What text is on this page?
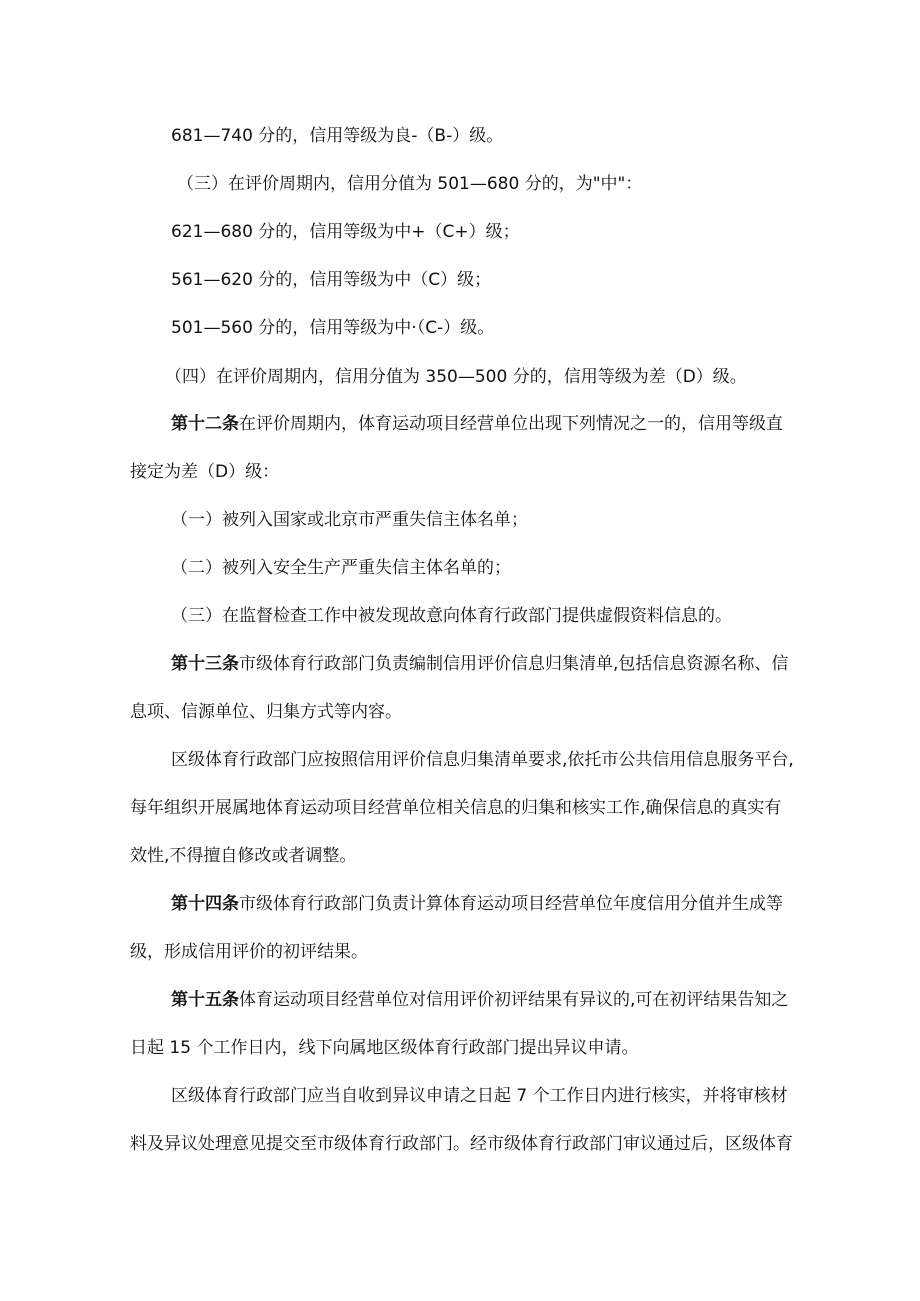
681—740 分的，信用等级为良-（B-）级。
（三）在评价周期内，信用分值为 501—680 分的，为"中"：
621—680 分的，信用等级为中+（C+）级；
561—620 分的，信用等级为中（C）级；
501—560 分的，信用等级为中·（C-）级。
（四）在评价周期内，信用分值为 350—500 分的，信用等级为差（D）级。
第十二条在评价周期内，体育运动项目经营单位出现下列情况之一的，信用等级直
接定为差（D）级：
（一）被列入国家或北京市严重失信主体名单；
（二）被列入安全生产严重失信主体名单的；
（三）在监督检查工作中被发现故意向体育行政部门提供虚假资料信息的。
第十三条市级体育行政部门负责编制信用评价信息归集清单,包括信息资源名称、信
息项、信源单位、归集方式等内容。
区级体育行政部门应按照信用评价信息归集清单要求,依托市公共信用信息服务平台,
每年组织开展属地体育运动项目经营单位相关信息的归集和核实工作,确保信息的真实有
效性,不得擅自修改或者调整。
第十四条市级体育行政部门负责计算体育运动项目经营单位年度信用分值并生成等
级，形成信用评价的初评结果。
第十五条体育运动项目经营单位对信用评价初评结果有异议的,可在初评结果告知之
日起 15 个工作日内，线下向属地区级体育行政部门提出异议申请。
区级体育行政部门应当自收到异议申请之日起 7 个工作日内进行核实，并将审核材
料及异议处理意见提交至市级体育行政部门。经市级体育行政部门审议通过后，区级体育
